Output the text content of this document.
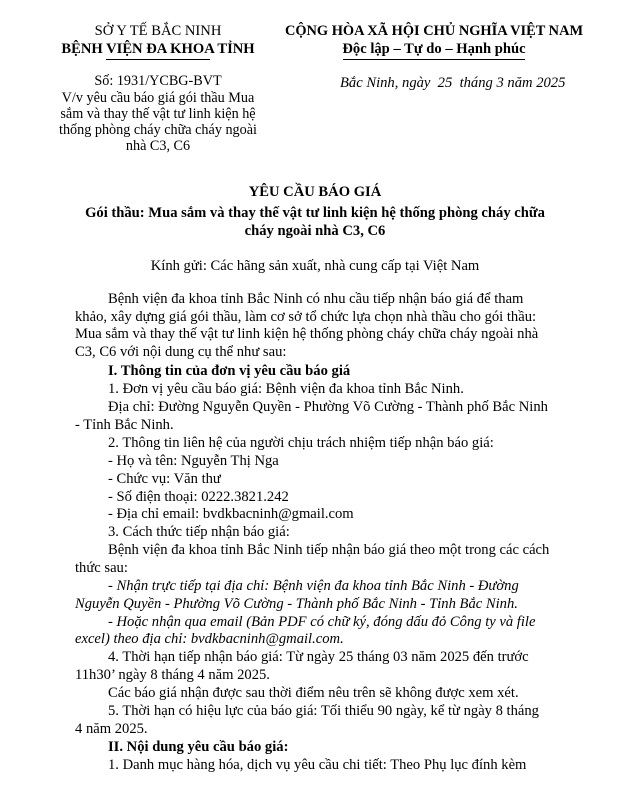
SỞ Y TẾ BẮC NINH
BỆNH VIỆN ĐA KHOA TỈNH
CỘNG HÒA XÃ HỘI CHỦ NGHĨA VIỆT NAM
Độc lập – Tự do – Hạnh phúc
Số: 1931/YCBG-BVT
V/v yêu cầu báo giá gói thầu Mua
sắm và thay thế vật tư linh kiện hệ
thống phòng cháy chữa cháy ngoài
nhà C3, C6
Bắc Ninh, ngày  25  tháng 3 năm 2025
YÊU CẦU BÁO GIÁ
Gói thầu: Mua sắm và thay thế vật tư linh kiện hệ thống phòng cháy chữa
cháy ngoài nhà C3, C6
Kính gửi: Các hãng sản xuất, nhà cung cấp tại Việt Nam
Bệnh viện đa khoa tỉnh Bắc Ninh có nhu cầu tiếp nhận báo giá để tham
khảo, xây dựng giá gói thầu, làm cơ sở tổ chức lựa chọn nhà thầu cho gói thầu:
Mua sắm và thay thế vật tư linh kiện hệ thống phòng cháy chữa cháy ngoài nhà
C3, C6 với nội dung cụ thể như sau:
I. Thông tin của đơn vị yêu cầu báo giá
1. Đơn vị yêu cầu báo giá: Bệnh viện đa khoa tỉnh Bắc Ninh.
Địa chỉ: Đường Nguyễn Quyền - Phường Võ Cường - Thành phố Bắc Ninh
- Tỉnh Bắc Ninh.
2. Thông tin liên hệ của người chịu trách nhiệm tiếp nhận báo giá:
- Họ và tên: Nguyễn Thị Nga
- Chức vụ: Văn thư
- Số điện thoại: 0222.3821.242
- Địa chỉ email: bvdkbacninh@gmail.com
3. Cách thức tiếp nhận báo giá:
Bệnh viện đa khoa tỉnh Bắc Ninh tiếp nhận báo giá theo một trong các cách
thức sau:
- Nhận trực tiếp tại địa chỉ: Bệnh viện đa khoa tỉnh Bắc Ninh - Đường
Nguyễn Quyền - Phường Võ Cường - Thành phố Bắc Ninh - Tỉnh Bắc Ninh.
- Hoặc nhận qua email (Bản PDF có chữ ký, đóng dấu đỏ Công ty và file
excel) theo địa chỉ: bvdkbacninh@gmail.com.
4. Thời hạn tiếp nhận báo giá: Từ ngày 25 tháng 03 năm 2025 đến trước
11h30’ ngày 8 tháng 4 năm 2025.
Các báo giá nhận được sau thời điểm nêu trên sẽ không được xem xét.
5. Thời hạn có hiệu lực của báo giá: Tối thiểu 90 ngày, kể từ ngày 8 tháng
4 năm 2025.
II. Nội dung yêu cầu báo giá:
1. Danh mục hàng hóa, dịch vụ yêu cầu chi tiết: Theo Phụ lục đính kèm
